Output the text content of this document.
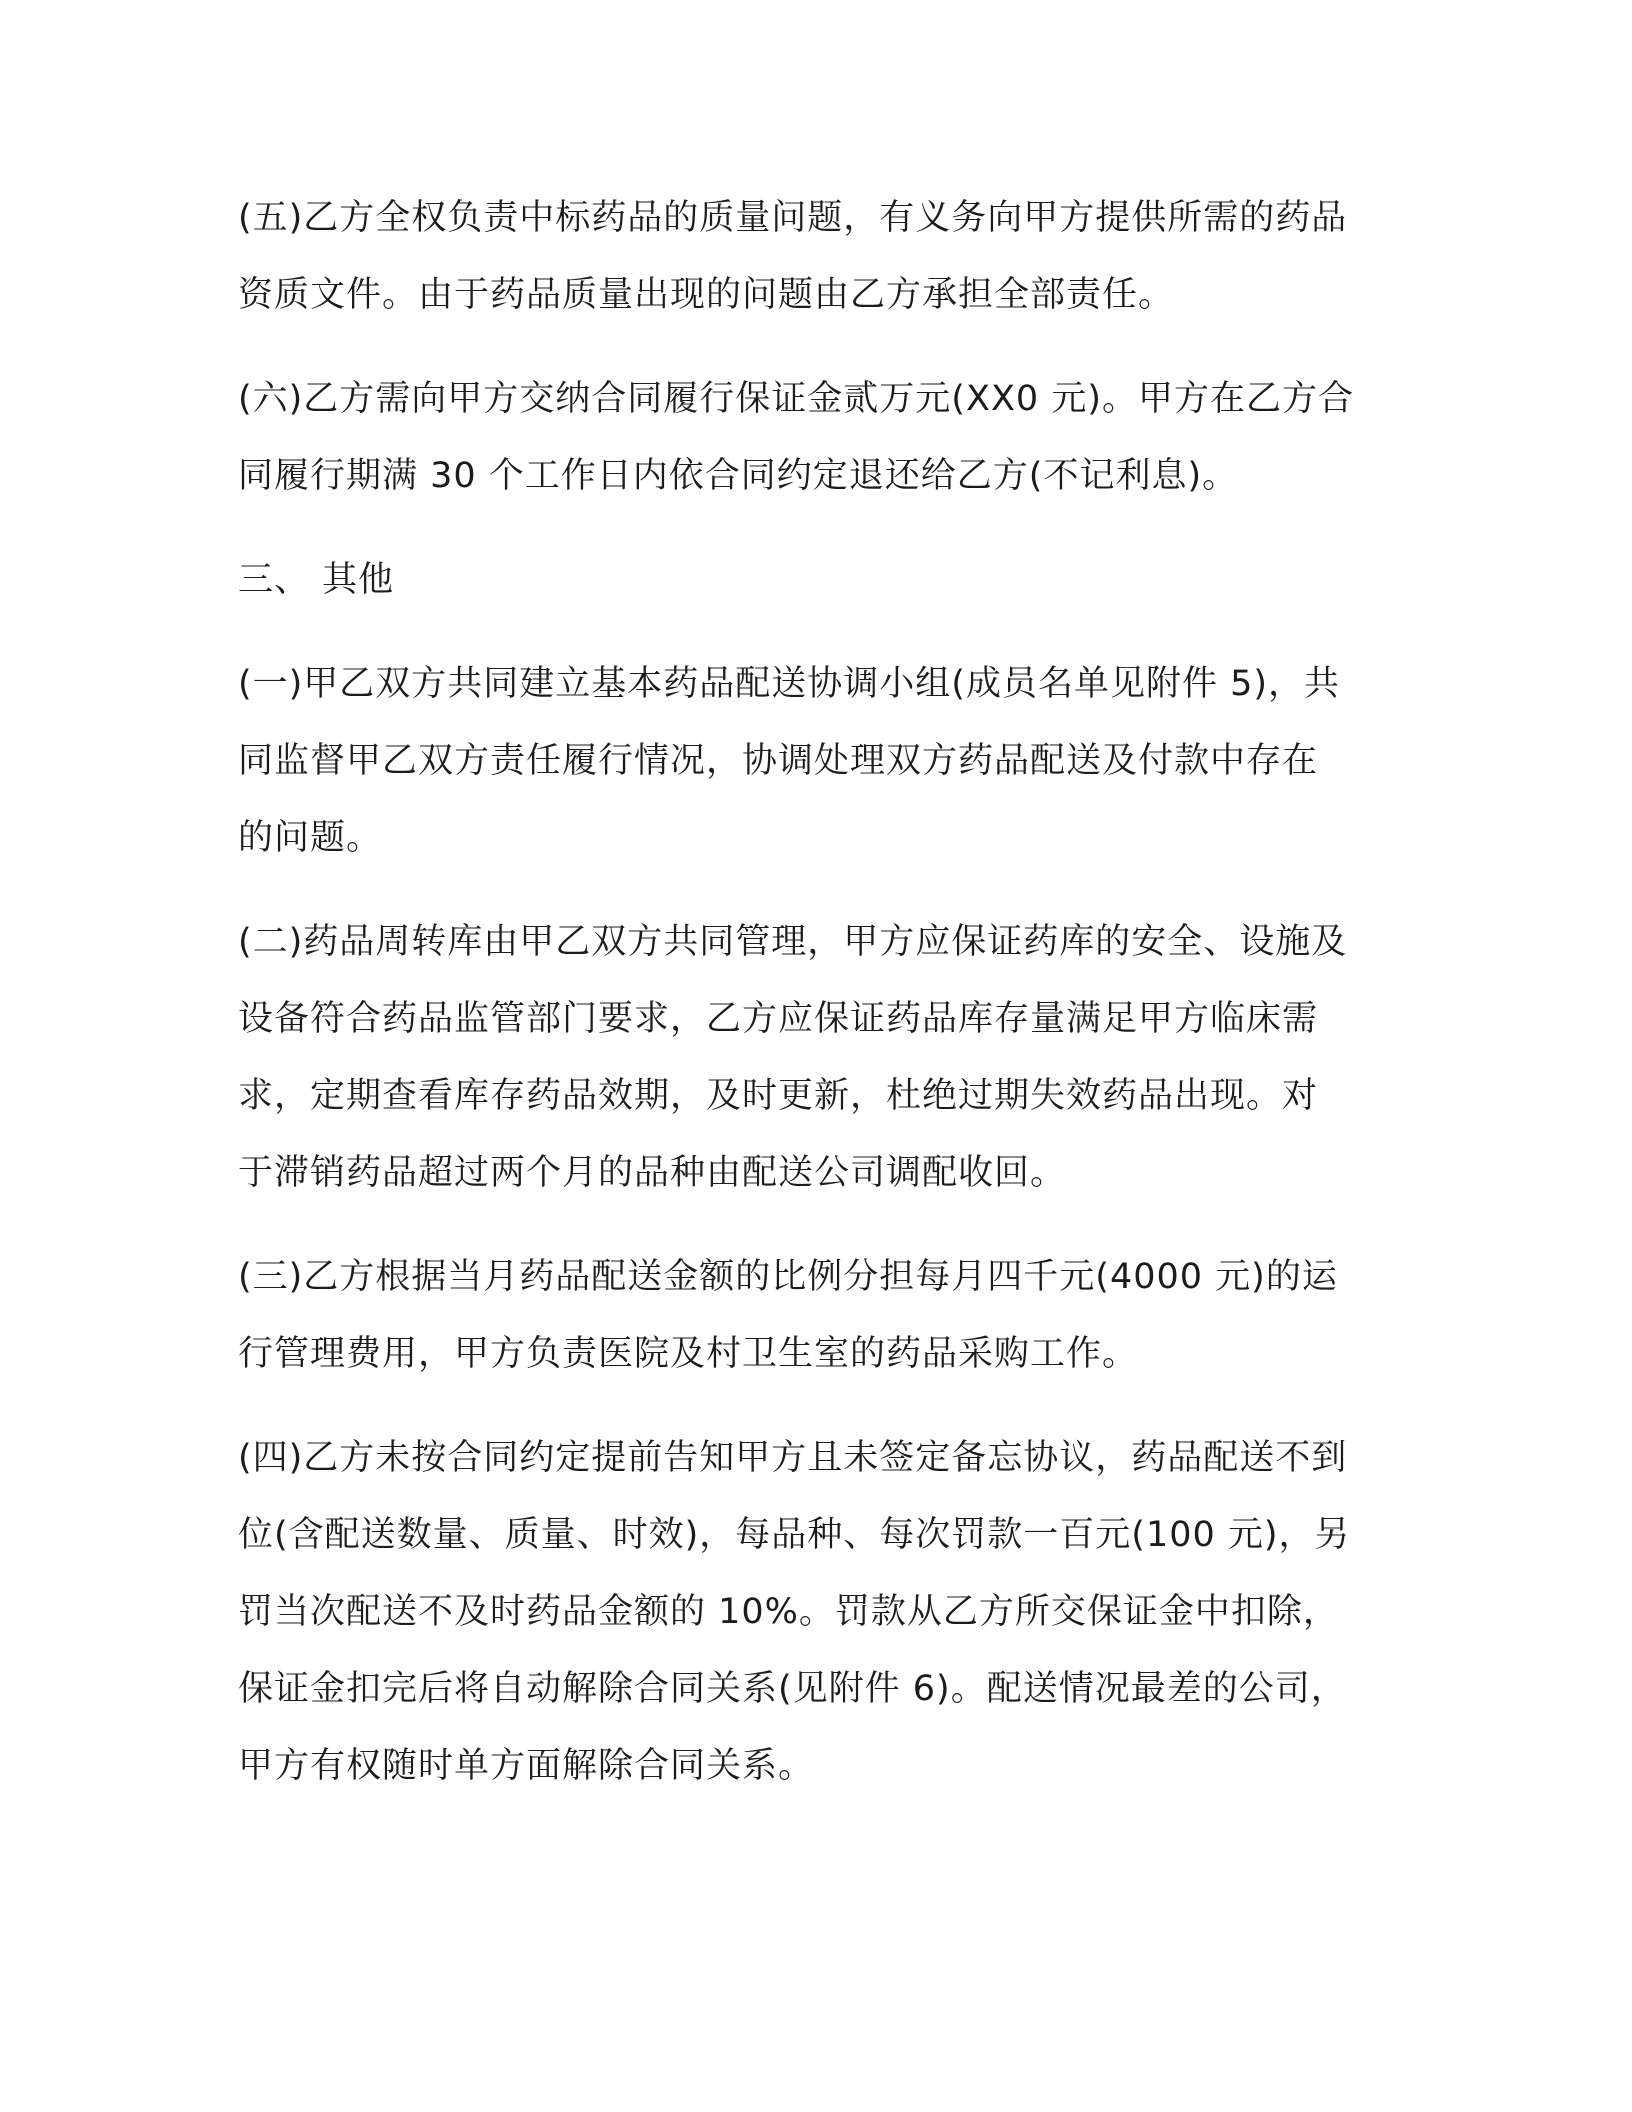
(五)乙方全权负责中标药品的质量问题，有义务向甲方提供所需的药品
资质文件。由于药品质量出现的问题由乙方承担全部责任。

(六)乙方需向甲方交纳合同履行保证金贰万元(XX0 元)。甲方在乙方合
同履行期满 30 个工作日内依合同约定退还给乙方(不记利息)。

三、 其他

(一)甲乙双方共同建立基本药品配送协调小组(成员名单见附件 5)，共
同监督甲乙双方责任履行情况，协调处理双方药品配送及付款中存在
的问题。

(二)药品周转库由甲乙双方共同管理，甲方应保证药库的安全、设施及
设备符合药品监管部门要求，乙方应保证药品库存量满足甲方临床需
求，定期查看库存药品效期，及时更新，杜绝过期失效药品出现。对
于滞销药品超过两个月的品种由配送公司调配收回。

(三)乙方根据当月药品配送金额的比例分担每月四千元(4000 元)的运
行管理费用，甲方负责医院及村卫生室的药品采购工作。

(四)乙方未按合同约定提前告知甲方且未签定备忘协议，药品配送不到
位(含配送数量、质量、时效)，每品种、每次罚款一百元(100 元)，另
罚当次配送不及时药品金额的 10%。罚款从乙方所交保证金中扣除，
保证金扣完后将自动解除合同关系(见附件 6)。配送情况最差的公司，
甲方有权随时单方面解除合同关系。
